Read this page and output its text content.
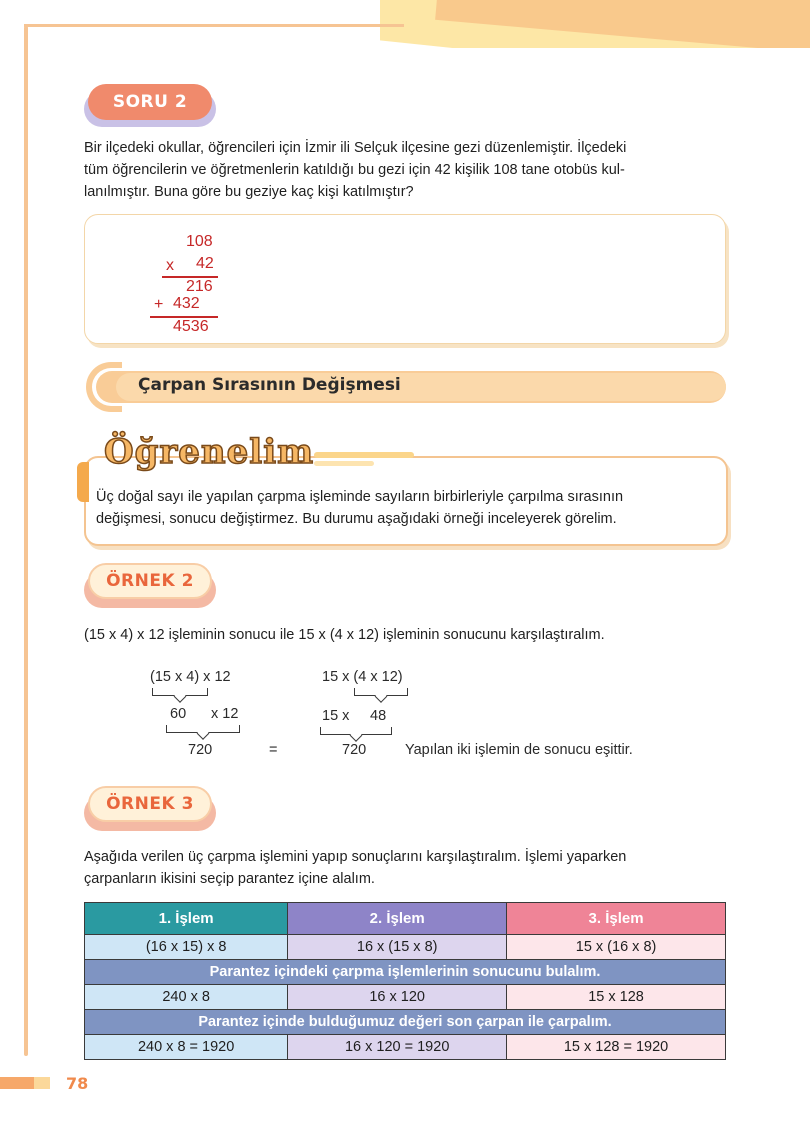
SORU 2
Bir ilçedeki okullar, öğrencileri için İzmir ili Selçuk ilçesine gezi düzenlemiştir. İlçedeki
tüm öğrencilerin ve öğretmenlerin katıldığı bu gezi için 42 kişilik 108 tane otobüs kul-
lanılmıştır. Buna göre bu geziye kaç kişi katılmıştır?
108
x 42
216
+ 432
4536
Çarpan Sırasının Değişmesi
Öğrenelim
Üç doğal sayı ile yapılan çarpma işleminde sayıların birbirleriyle çarpılma sırasının
değişmesi, sonucu değiştirmez. Bu durumu aşağıdaki örneği inceleyerek görelim.
ÖRNEK 2
(15 x 4) x 12 işleminin sonucu ile 15 x (4 x 12) işleminin sonucunu karşılaştıralım.
(15 x 4) x 12
60 x 12
720	=
15 x (4 x 12)
15 x 48
720	Yapılan iki işlemin de sonucu eşittir.
ÖRNEK 3
Aşağıda verilen üç çarpma işlemini yapıp sonuçlarını karşılaştıralım. İşlemi yaparken
çarpanların ikisini seçip parantez içine alalım.
1. İşlem	2. İşlem	3. İşlem
(16 x 15) x 8	16 x (15 x 8)	15 x (16 x 8)
Parantez içindeki çarpma işlemlerinin sonucunu bulalım.		
240 x 8	16 x 120	15 x 128
Parantez içinde bulduğumuz değeri son çarpan ile çarpalım.		
240 x 8 = 1920	16 x 120 = 1920	15 x 128 = 1920
78
